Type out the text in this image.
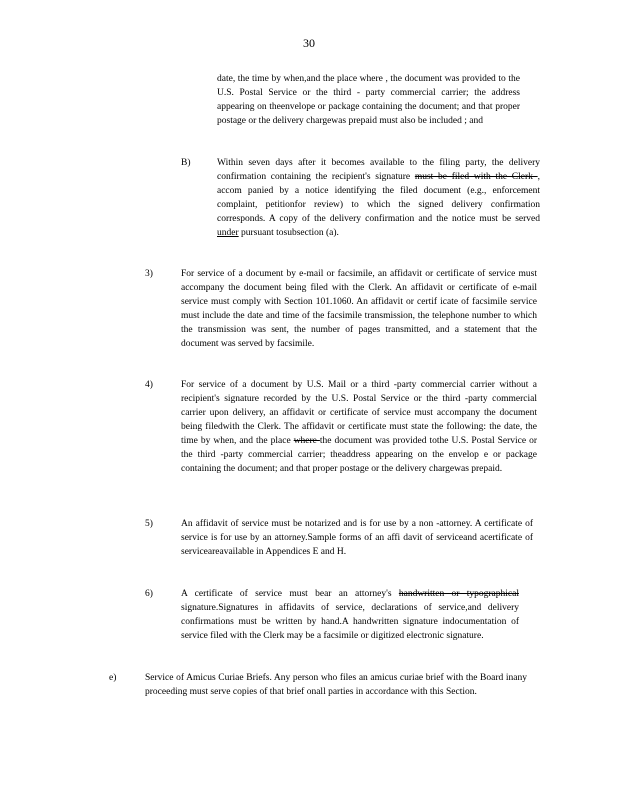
30
date, the time by when,and the place where , the document was provided to the U.S. Postal Service or the third - party commercial carrier; the address appearing on theenvelope or package containing the document; and that proper postage or the delivery chargewas prepaid must also be included ; and
B)	Within seven days after it becomes available to the filing party, the delivery confirmation containing the recipient's signature must be filed with the Clerk , accom panied by a notice identifying the filed document (e.g., enforcement complaint, petitionfor review) to which the signed delivery confirmation corresponds. A copy of the delivery confirmation and the notice must be served under pursuant tosubsection (a).
3)	For service of a document by e-mail or facsimile, an affidavit or certificate of service must accompany the document being filed with the Clerk. An affidavit or certificate of e-mail service must comply with Section 101.1060. An affidavit or certif icate of facsimile service must include the date and time of the facsimile transmission, the telephone number to which the transmission was sent, the number of pages transmitted, and a statement that the document was served by facsimile.
4)	For service of a document by U.S. Mail or a third -party commercial carrier without a recipient's signature recorded by the U.S. Postal Service or the third -party commercial carrier upon delivery, an affidavit or certificate of service must accompany the document being filedwith the Clerk. The affidavit or certificate must state the following: the date, the time by when, and the place where the document was provided tothe U.S. Postal Service or the third -party commercial carrier; theaddress appearing on the envelop e or package containing the document; and that proper postage or the delivery chargewas prepaid.
5)	An affidavit of service must be notarized and is for use by a non -attorney. A certificate of service is for use by an attorney.Sample forms of an affi davit of serviceand acertificate of serviceareavailable in Appendices E and H.
6)	A certificate of service must bear an attorney's handwritten or typographical signature.Signatures in affidavits of service, declarations of service,and delivery confirmations must be written by hand.A handwritten signature indocumentation of service filed with the Clerk may be a facsimile or digitized electronic signature.
e)	Service of Amicus Curiae Briefs. Any person who files an amicus curiae brief with the Board inany proceeding must serve copies of that brief onall parties in accordance with this Section.
